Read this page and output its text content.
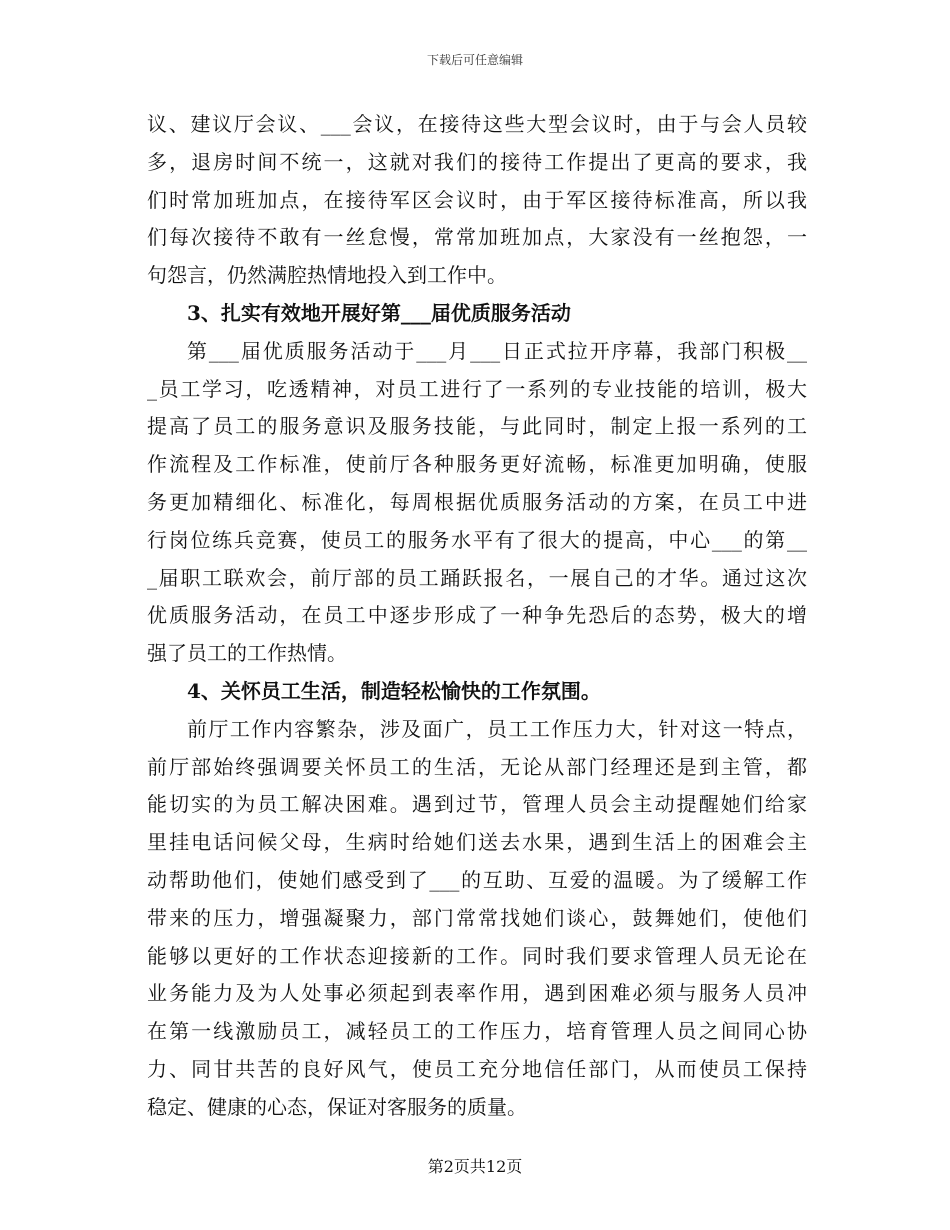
下载后可任意编辑
议、建议厅会议、___会议，在接待这些大型会议时，由于与会人员较
多，退房时间不统一，这就对我们的接待工作提出了更高的要求，我
们时常加班加点，在接待军区会议时，由于军区接待标准高，所以我
们每次接待不敢有一丝怠慢，常常加班加点，大家没有一丝抱怨，一
句怨言，仍然满腔热情地投入到工作中。
3、扎实有效地开展好第___届优质服务活动
第___届优质服务活动于___月___日正式拉开序幕，我部门积极__
_员工学习，吃透精神，对员工进行了一系列的专业技能的培训，极大
提高了员工的服务意识及服务技能，与此同时，制定上报一系列的工
作流程及工作标准，使前厅各种服务更好流畅，标准更加明确，使服
务更加精细化、标准化，每周根据优质服务活动的方案，在员工中进
行岗位练兵竞赛，使员工的服务水平有了很大的提高，中心___的第__
_届职工联欢会，前厅部的员工踊跃报名，一展自己的才华。通过这次
优质服务活动，在员工中逐步形成了一种争先恐后的态势，极大的增
强了员工的工作热情。
4、关怀员工生活，制造轻松愉快的工作氛围。
前厅工作内容繁杂，涉及面广，员工工作压力大，针对这一特点，
前厅部始终强调要关怀员工的生活，无论从部门经理还是到主管，都
能切实的为员工解决困难。遇到过节，管理人员会主动提醒她们给家
里挂电话问候父母，生病时给她们送去水果，遇到生活上的困难会主
动帮助他们，使她们感受到了___的互助、互爱的温暖。为了缓解工作
带来的压力，增强凝聚力，部门常常找她们谈心，鼓舞她们，使他们
能够以更好的工作状态迎接新的工作。同时我们要求管理人员无论在
业务能力及为人处事必须起到表率作用，遇到困难必须与服务人员冲
在第一线激励员工，减轻员工的工作压力，培育管理人员之间同心协
力、同甘共苦的良好风气，使员工充分地信任部门，从而使员工保持
稳定、健康的心态，保证对客服务的质量。
第2页共12页
